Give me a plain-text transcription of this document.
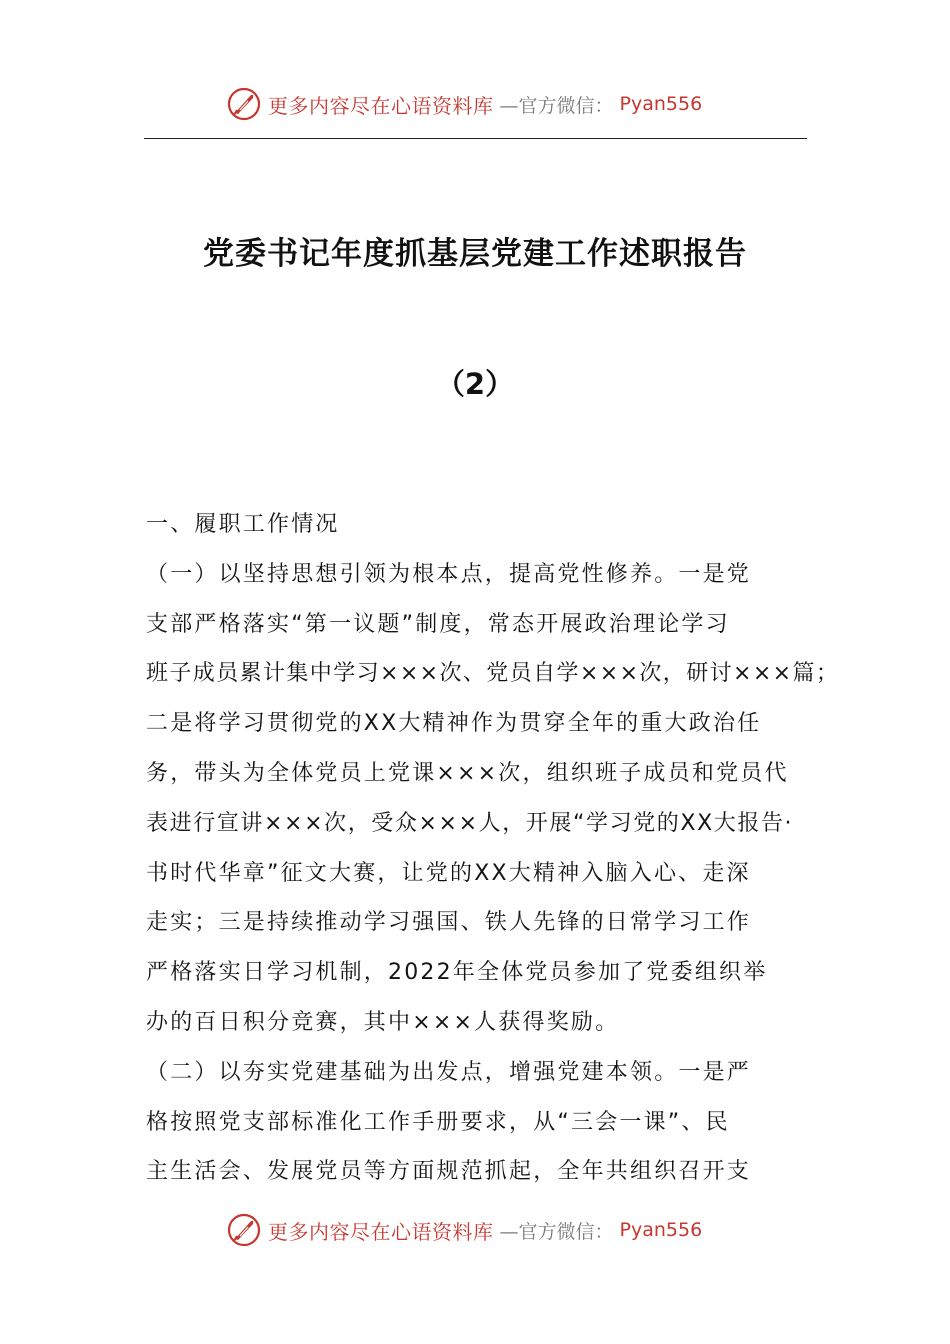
更多内容尽在心语资料库 —官方微信： Pyan556
党委书记年度抓基层党建工作述职报告
（2）
一、履职工作情况
（一）以坚持思想引领为根本点，提高党性修养。一是党
支部严格落实“第一议题”制度，常态开展政治理论学习
班子成员累计集中学习×××次、党员自学×××次，研讨×××篇；
二是将学习贯彻党的XX大精神作为贯穿全年的重大政治任
务，带头为全体党员上党课×××次，组织班子成员和党员代
表进行宣讲×××次，受众×××人，开展“学习党的XX大报告·
书时代华章”征文大赛，让党的XX大精神入脑入心、走深
走实；三是持续推动学习强国、铁人先锋的日常学习工作
严格落实日学习机制，2022年全体党员参加了党委组织举
办的百日积分竞赛，其中×××人获得奖励。
（二）以夯实党建基础为出发点，增强党建本领。一是严
格按照党支部标准化工作手册要求，从“三会一课”、民
主生活会、发展党员等方面规范抓起，全年共组织召开支
更多内容尽在心语资料库 —官方微信： Pyan556
